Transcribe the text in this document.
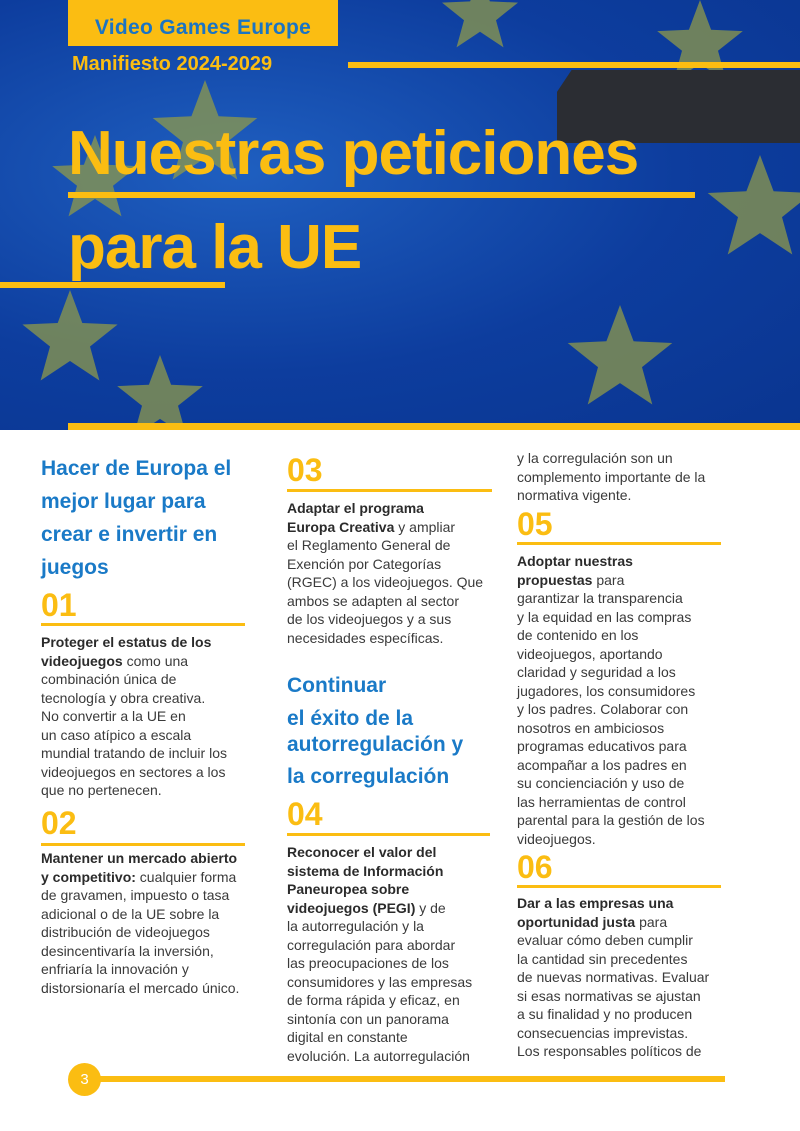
Video Games Europe
Manifiesto 2024-2029
Nuestras peticiones
para la UE
Hacer de Europa el
mejor lugar para
crear e invertir en
juegos
01
Proteger el estatus de los
videojuegos como una
combinación única de
tecnología y obra creativa.
No convertir a la UE en
un caso atípico a escala
mundial tratando de incluir los
videojuegos en sectores a los
que no pertenecen.
02
Mantener un mercado abierto
y competitivo: cualquier forma
de gravamen, impuesto o tasa
adicional o de la UE sobre la
distribución de videojuegos
desincentivaría la inversión,
enfriaría la innovación y
distorsionaría el mercado único.
03
Adaptar el programa
Europa Creativa y ampliar
el Reglamento General de
Exención por Categorías
(RGEC) a los videojuegos. Que
ambos se adapten al sector
de los videojuegos y a sus
necesidades específicas.
Continuar
el éxito de la
autorregulación y
la corregulación
04
Reconocer el valor del
sistema de Información
Paneuropea sobre
videojuegos (PEGI) y de
la autorregulación y la
corregulación para abordar
las preocupaciones de los
consumidores y las empresas
de forma rápida y eficaz, en
sintonía con un panorama
digital en constante
evolución. La autorregulación
y la corregulación son un
complemento importante de la
normativa vigente.
05
Adoptar nuestras
propuestas para
garantizar la transparencia
y la equidad en las compras
de contenido en los
videojuegos, aportando
claridad y seguridad a los
jugadores, los consumidores
y los padres. Colaborar con
nosotros en ambiciosos
programas educativos para
acompañar a los padres en
su concienciación y uso de
las herramientas de control
parental para la gestión de los
videojuegos.
06
Dar a las empresas una
oportunidad justa para
evaluar cómo deben cumplir
la cantidad sin precedentes
de nuevas normativas. Evaluar
si esas normativas se ajustan
a su finalidad y no producen
consecuencias imprevistas.
Los responsables políticos de
3
